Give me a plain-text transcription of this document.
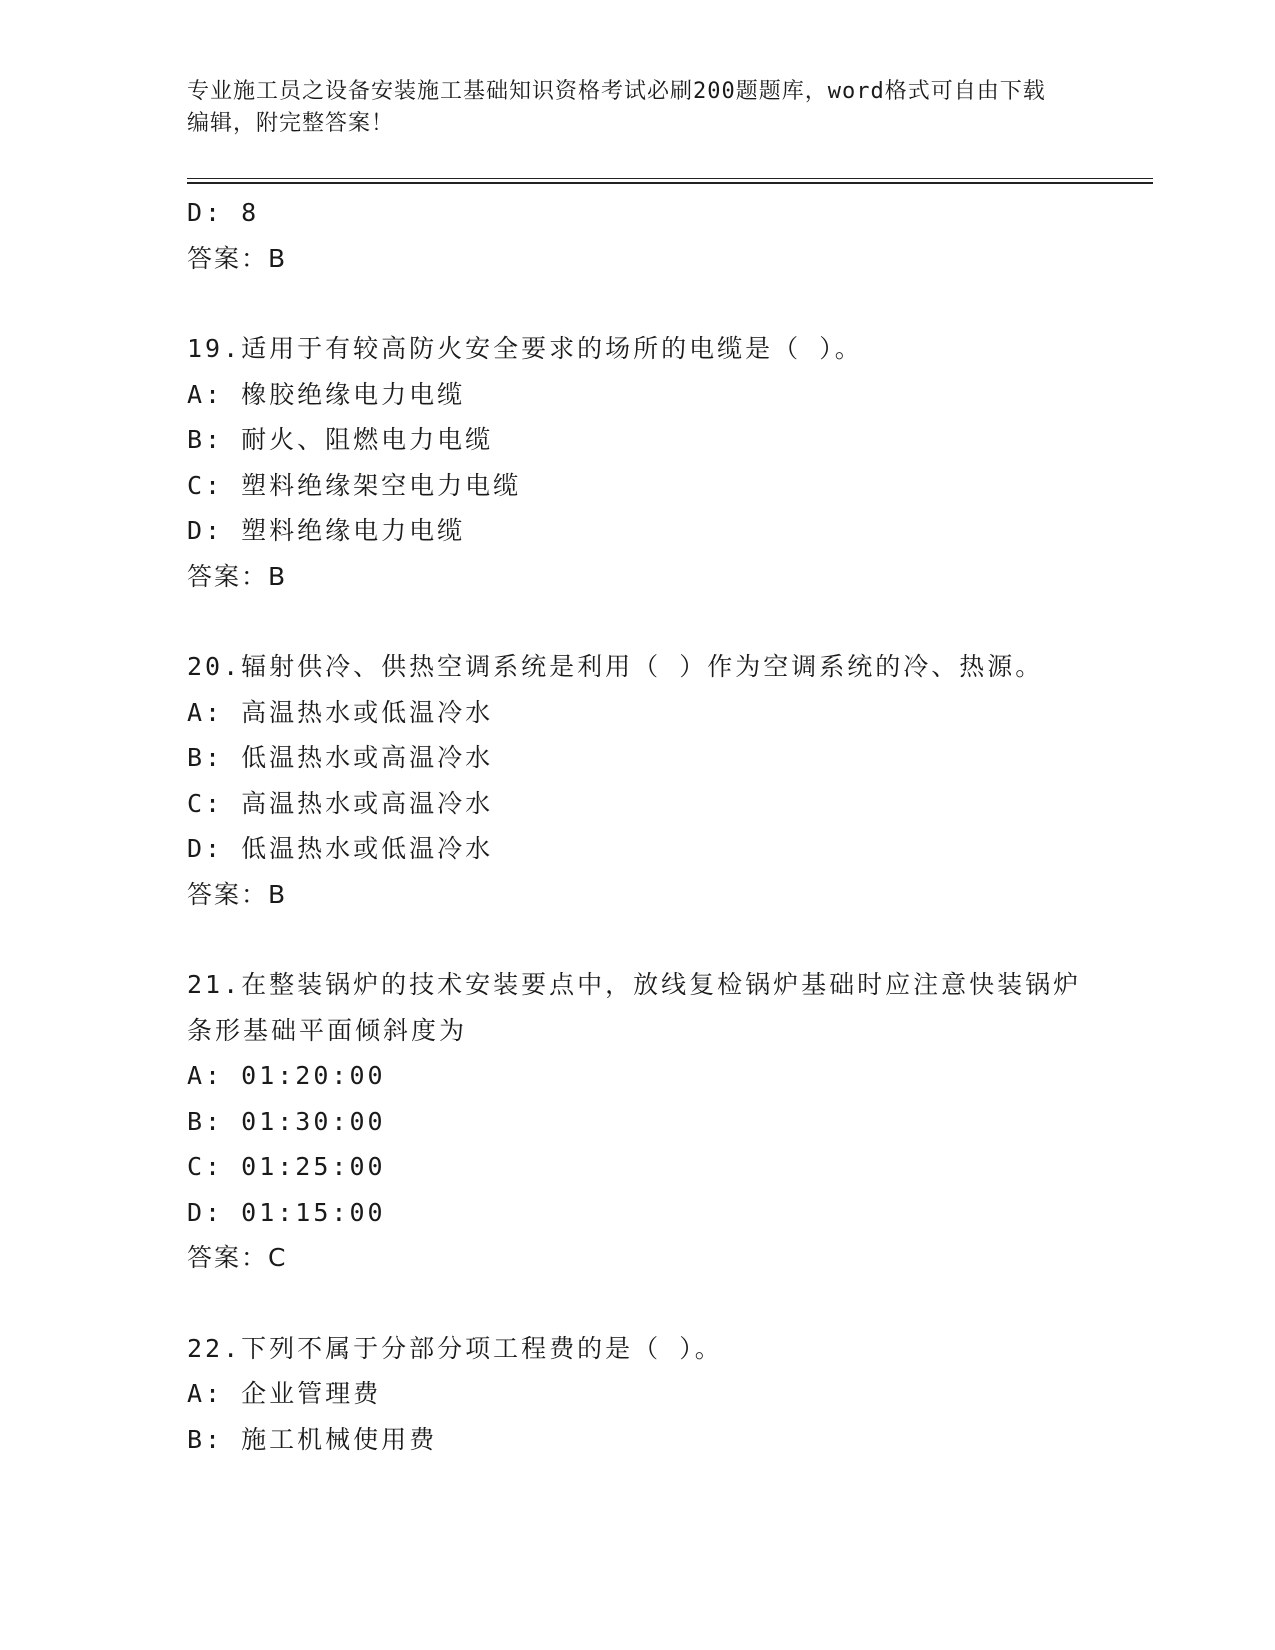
专业施工员之设备安装施工基础知识资格考试必刷200题题库，word格式可自由下载编辑，附完整答案！
D: 8
答案：B
19.适用于有较高防火安全要求的场所的电缆是（ ）。
A: 橡胶绝缘电力电缆
B: 耐火、阻燃电力电缆
C: 塑料绝缘架空电力电缆
D: 塑料绝缘电力电缆
答案：B
20.辐射供冷、供热空调系统是利用（ ）作为空调系统的冷、热源。
A: 高温热水或低温冷水
B: 低温热水或高温冷水
C: 高温热水或高温冷水
D: 低温热水或低温冷水
答案：B
21.在整装锅炉的技术安装要点中，放线复检锅炉基础时应注意快装锅炉条形基础平面倾斜度为
A: 01:20:00
B: 01:30:00
C: 01:25:00
D: 01:15:00
答案：C
22.下列不属于分部分项工程费的是（ ）。
A: 企业管理费
B: 施工机械使用费
